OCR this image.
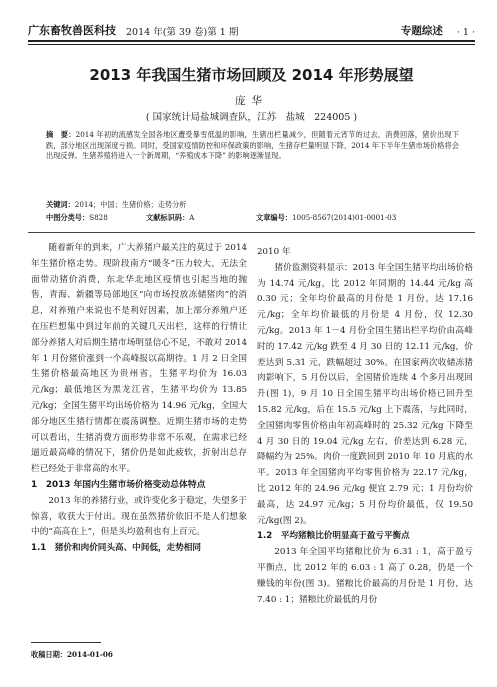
广东畜牧兽医科技 2014 年(第 39 卷)第 1 期	专题综述 · 1 ·
2013 年我国生猪市场回顾及 2014 年形势展望
庞华
( 国家统计局盐城调查队，江苏　盐城　224005 )
摘　要：2014 年初的流感发全国各地区遭受暴雪低温的影响，生猪出栏量减少，但随着元宵节的过去，消费回落，猪价出现下跌，部分地区出现深度亏损。同时，受国家疫情防控和环保政策的影响，生猪存栏量明显下降，2014 年下半年生猪市场价格将会出现反弹。生猪养殖将进入一个新周期，“养殖成本下降” 的影响逐渐显现。
关键词：2014；中国；生猪价格；走势分析
中图分类号：S828	文献标识码：A	文章编号：1005-8567(2014)01-0001-03

随着新年的到来，广大养猪户最关注的莫过于 2014 年生猪价格走势。现阶段南方“暖冬”压力较大，无法全面带动猪价消费，东北华北地区疫情也引起当地的抛售，青海、新疆等局部地区“向市场投放冻储猪肉”的消息，对养殖户来说也不是利好因素，加上部分养殖户还在压栏想集中到过年前的关键几天出栏，这样的行情让部分养猪人对后期生猪市场明显信心不足，不敢对 2014 年 1 月份猪价涨到一个高峰报以高期待。1 月 2 日全国生猪价格最高地区为贵州省，生猪平均价为 16.03 元/kg；最低地区为黑龙江省，生猪平均价为 13.85 元/kg；全国生猪平均出场价格为 14.96 元/kg，全国大部分地区生猪行情都在震荡调整。近期生猪市场的走势可以看出，生猪消费方面形势非常不乐观，在需求已经逼近最高峰的情况下，猪价仍是如此疲软，折射出总存栏已经处于非常高的水平。

1　2013 年国内生猪市场价格变动总体特点

2013 年的养猪行业，或许变化多于稳定，失望多于惊喜，收获大于付出。现在虽然猪价依旧不是人们想象中的“高高在上”，但是头均盈利也有上百元。

1.1　猪价和肉价同头高、中间低，走势相同
2010 年

猪价监测资料显示：2013 年全国生猪平均出场价格为 14.74 元/kg，比 2012 年同期的 14.44 元/kg 高 0.30 元；全年均价最高的月份是 1 月份，达 17.16 元/kg；全年均价最低的月份是 4 月份，仅 12.30 元/kg。2013 年 1－4 月份全国生猪出栏平均价由高峰时的 17.42 元/kg 跌至 4 月 30 日的 12.11 元/kg，价差达到 5.31 元，跌幅超过 30%。在国家两次收储冻猪肉影响下，5 月份以后，全国猪价连续 4 个多月出现回升(图 1)，9 月 10 日全国生猪平均出场价格已回升至 15.82 元/kg，后在 15.5 元/kg 上下震荡，与此同时，全国猪肉零售价格由年初高峰时的 25.32 元/kg 下降至 4 月 30 日的 19.04 元/kg 左右，价差达到 6.28 元，降幅约为 25%。肉价一度跌回到 2010 年 10 月底的水平。2013 年全国猪肉平均零售价格为 22.17 元/kg，比 2012 年的 24.96 元/kg 便宜 2.79 元；1 月份均价最高，达 24.97 元/kg；5 月份均价最低，仅 19.50 元/kg(图 2)。

1.2　平均猪粮比价明显高于盈亏平衡点

2013 年全国平均猪粮比价为 6.31 : 1，高于盈亏平衡点，比 2012 年的 6.03 : 1 高了 0.28，仍是一个赚钱的年份(图 3)。猪粮比价最高的月份是 1 月份，达 7.40 : 1；猪粮比价最低的月份

收稿日期：2014-01-06
